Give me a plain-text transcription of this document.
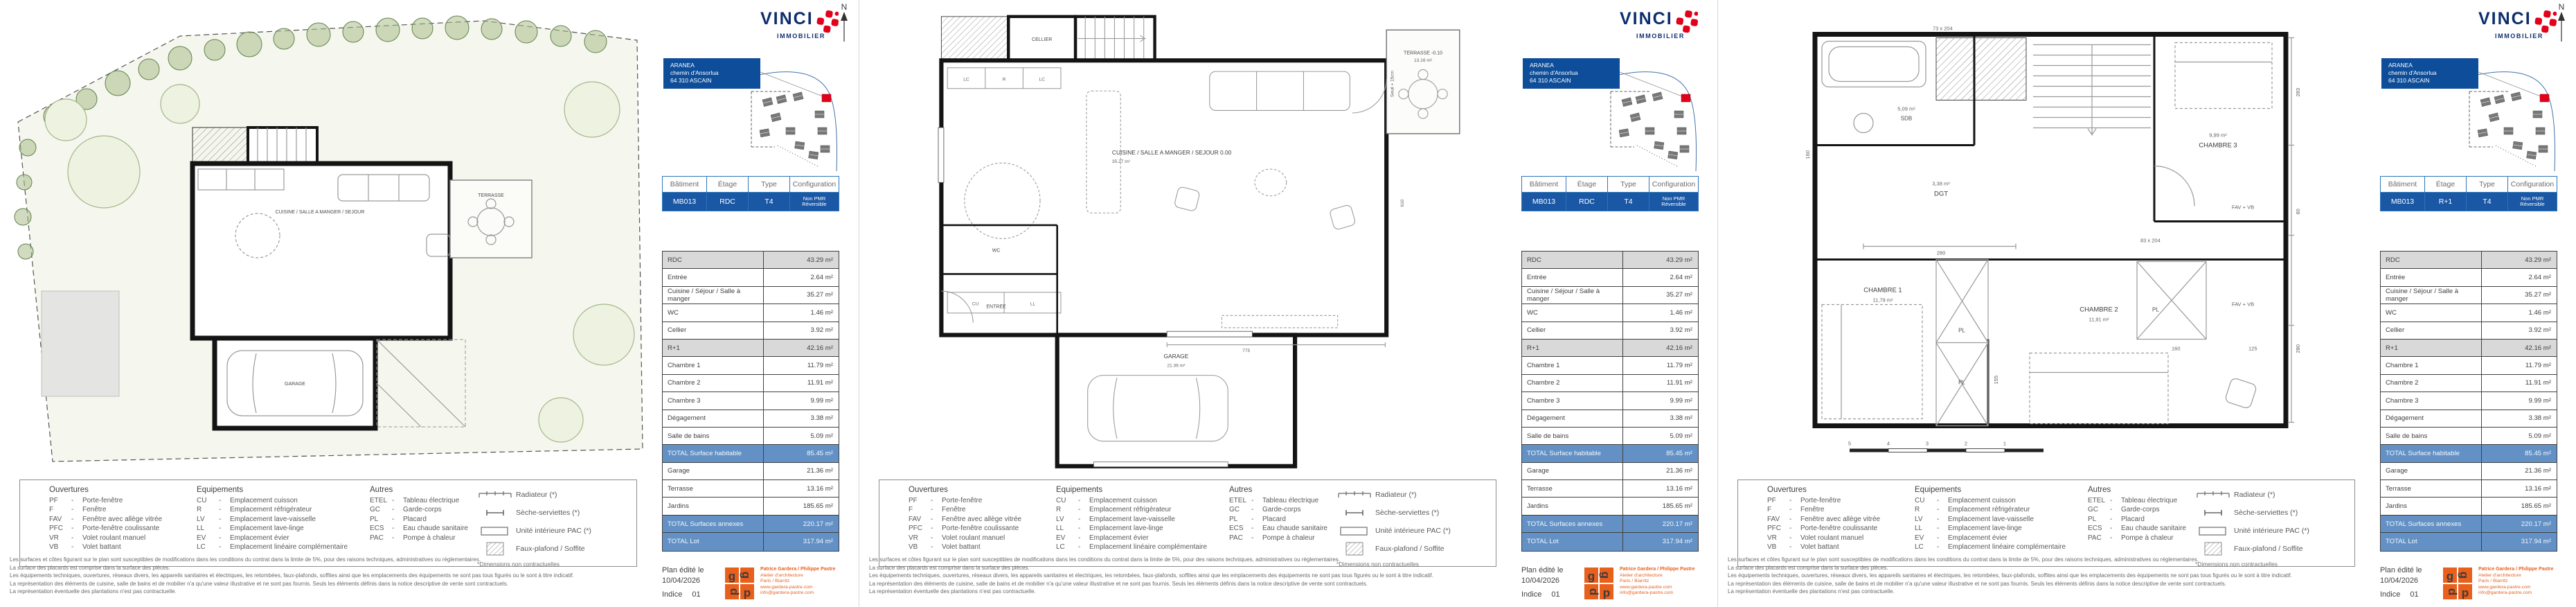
CUISINE / SALLE A MANGER / SEJOUR
GARAGE
TERRASSE
N
Ouvertures
PF	-	Porte-fenêtre
F	-	Fenêtre
FAV	-	Fenêtre avec allège vitrée
PFC	-	Porte-fenêtre coulissante
VR	-	Volet roulant manuel
VB	-	Volet battant
Equipements
CU	-	Emplacement cuisson
R	-	Emplacement réfrigérateur
LV	-	Emplacement lave-vaisselle
LL	-	Emplacement lave-linge
EV	-	Emplacement évier
LC	-	Emplacement linéaire complémentaire
Autres
ETEL -	Tableau électrique
GC	-	Garde-corps
PL	-	Placard
ECS	-	Eau chaude sanitaire
PAC	-	Pompe à chaleur
Radiateur (*)
Sèche-serviettes (*)
Unité intérieure PAC (*)
Faux-plafond / Soffite
*Dimensions non contractuelles
Les surfaces et côtes figurant sur le plan sont susceptibles de modifications dans les conditions du contrat dans la limite de 5%, pour des raisons techniques, administratives ou réglementaires.
La surface des placards est comprise dans la surface des pièces.
Les équipements techniques, ouvertures, réseaux divers, les appareils sanitaires et électriques, les retombées, faux-plafonds, soffites ainsi que les emplacements des équipements ne sont pas tous figurés ou le sont à titre indicatif.
La représentation des éléments de cuisine, salle de bains et de mobilier n'a qu'une valeur illustrative et ne sont pas fournis. Seuls les éléments définis dans la notice descriptive de vente sont contractuels.
La représentation éventuelle des plantations n'est pas contractuelle.
VINCI
IMMOBILIER
ARANEA
chemin d'Ansorlua
64 310 ASCAIN
Bâtiment	Étage	Type	Configuration
MB013	RDC	T4	Non PMR
Réversible
RDC	43.29 m²
Entrée	2.64 m²
Cuisine / Séjour / Salle à manger	35.27 m²
WC	1.46 m²
Cellier	3.92 m²
R+1	42.16 m²
Chambre 1	11.79 m²
Chambre 2	11.91 m²
Chambre 3	9.99 m²
Dégagement	3.38 m²
Salle de bains	5.09 m²
TOTAL Surface habitable	85.45 m²
Garage	21.36 m²
Terrasse	13.16 m²
Jardins	185.65 m²
TOTAL Surfaces annexes	220.17 m²
TOTAL Lot	317.94 m²
Plan édité le
10/04/2026
Indice 01
g g
p p
Patrice Gardera / Philippe Pastre
Atelier d'architecture
Paris / Biarritz
www.gardera-pastre.com
info@gardera-pastre.com
CELLIER
LC	R	LC
CU	LL
WC
ENTREE
TERRASSE -0.10
13.16 m²
CUISINE / SALLE A MANGER / SEJOUR 0.00
35.27 m²
GARAGE
21.36 m²
775
Seuil + 15cm
610
Ouvertures
PF	-	Porte-fenêtre
F	-	Fenêtre
FAV	-	Fenêtre avec allège vitrée
PFC	-	Porte-fenêtre coulissante
VR	-	Volet roulant manuel
VB	-	Volet battant
Equipements
CU	-	Emplacement cuisson
R	-	Emplacement réfrigérateur
LV	-	Emplacement lave-vaisselle
LL	-	Emplacement lave-linge
EV	-	Emplacement évier
LC	-	Emplacement linéaire complémentaire
Autres
ETEL -	Tableau électrique
GC	-	Garde-corps
PL	-	Placard
ECS	-	Eau chaude sanitaire
PAC	-	Pompe à chaleur
Radiateur (*)
Sèche-serviettes (*)
Unité intérieure PAC (*)
Faux-plafond / Soffite
*Dimensions non contractuelles
Les surfaces et côtes figurant sur le plan sont susceptibles de modifications dans les conditions du contrat dans la limite de 5%, pour des raisons techniques, administratives ou réglementaires.
La surface des placards est comprise dans la surface des pièces.
Les équipements techniques, ouvertures, réseaux divers, les appareils sanitaires et électriques, les retombées, faux-plafonds, soffites ainsi que les emplacements des équipements ne sont pas tous figurés ou le sont à titre indicatif.
La représentation des éléments de cuisine, salle de bains et de mobilier n'a qu'une valeur illustrative et ne sont pas fournis. Seuls les éléments définis dans la notice descriptive de vente sont contractuels.
La représentation éventuelle des plantations n'est pas contractuelle.
VINCI
IMMOBILIER
ARANEA
chemin d'Ansorlua
64 310 ASCAIN
Bâtiment	Étage	Type	Configuration
MB013	RDC	T4	Non PMR
Réversible
RDC	43.29 m²
Entrée	2.64 m²
Cuisine / Séjour / Salle à manger	35.27 m²
WC	1.46 m²
Cellier	3.92 m²
R+1	42.16 m²
Chambre 1	11.79 m²
Chambre 2	11.91 m²
Chambre 3	9.99 m²
Dégagement	3.38 m²
Salle de bains	5.09 m²
TOTAL Surface habitable	85.45 m²
Garage	21.36 m²
Terrasse	13.16 m²
Jardins	185.65 m²
TOTAL Surfaces annexes	220.17 m²
TOTAL Lot	317.94 m²
Plan édité le
10/04/2026
Indice 01
g g
p p
Patrice Gardera / Philippe Pastre
Atelier d'architecture
Paris / Biarritz
www.gardera-pastre.com
info@gardera-pastre.com
5,09 m²
SDB
73 x 204
9,99 m²
CHAMBRE 3
FAV + VB
3,38 m²
DGT
280
83 x 204
160
PL
PL
PL
160	125
155
CHAMBRE 1
11,79 m²
CHAMBRE 2
11,91 m²
FAV + VB
283
60
280
5	4	3	2	1
N
Ouvertures
PF	-	Porte-fenêtre
F	-	Fenêtre
FAV	-	Fenêtre avec allège vitrée
PFC	-	Porte-fenêtre coulissante
VR	-	Volet roulant manuel
VB	-	Volet battant
Equipements
CU	-	Emplacement cuisson
R	-	Emplacement réfrigérateur
LV	-	Emplacement lave-vaisselle
LL	-	Emplacement lave-linge
EV	-	Emplacement évier
LC	-	Emplacement linéaire complémentaire
Autres
ETEL -	Tableau électrique
GC	-	Garde-corps
PL	-	Placard
ECS	-	Eau chaude sanitaire
PAC	-	Pompe à chaleur
Radiateur (*)
Sèche-serviettes (*)
Unité intérieure PAC (*)
Faux-plafond / Soffite
*Dimensions non contractuelles
Les surfaces et côtes figurant sur le plan sont susceptibles de modifications dans les conditions du contrat dans la limite de 5%, pour des raisons techniques, administratives ou réglementaires.
La surface des placards est comprise dans la surface des pièces.
Les équipements techniques, ouvertures, réseaux divers, les appareils sanitaires et électriques, les retombées, faux-plafonds, soffites ainsi que les emplacements des équipements ne sont pas tous figurés ou le sont à titre indicatif.
La représentation des éléments de cuisine, salle de bains et de mobilier n'a qu'une valeur illustrative et ne sont pas fournis. Seuls les éléments définis dans la notice descriptive de vente sont contractuels.
La représentation éventuelle des plantations n'est pas contractuelle.
VINCI
IMMOBILIER
ARANEA
chemin d'Ansorlua
64 310 ASCAIN
Bâtiment	Étage	Type	Configuration
MB013	R+1	T4	Non PMR
Réversible
RDC	43.29 m²
Entrée	2.64 m²
Cuisine / Séjour / Salle à manger	35.27 m²
WC	1.46 m²
Cellier	3.92 m²
R+1	42.16 m²
Chambre 1	11.79 m²
Chambre 2	11.91 m²
Chambre 3	9.99 m²
Dégagement	3.38 m²
Salle de bains	5.09 m²
TOTAL Surface habitable	85.45 m²
Garage	21.36 m²
Terrasse	13.16 m²
Jardins	185.65 m²
TOTAL Surfaces annexes	220.17 m²
TOTAL Lot	317.94 m²
Plan édité le
10/04/2026
Indice 01
g g
p p
Patrice Gardera / Philippe Pastre
Atelier d'architecture
Paris / Biarritz
www.gardera-pastre.com
info@gardera-pastre.com
